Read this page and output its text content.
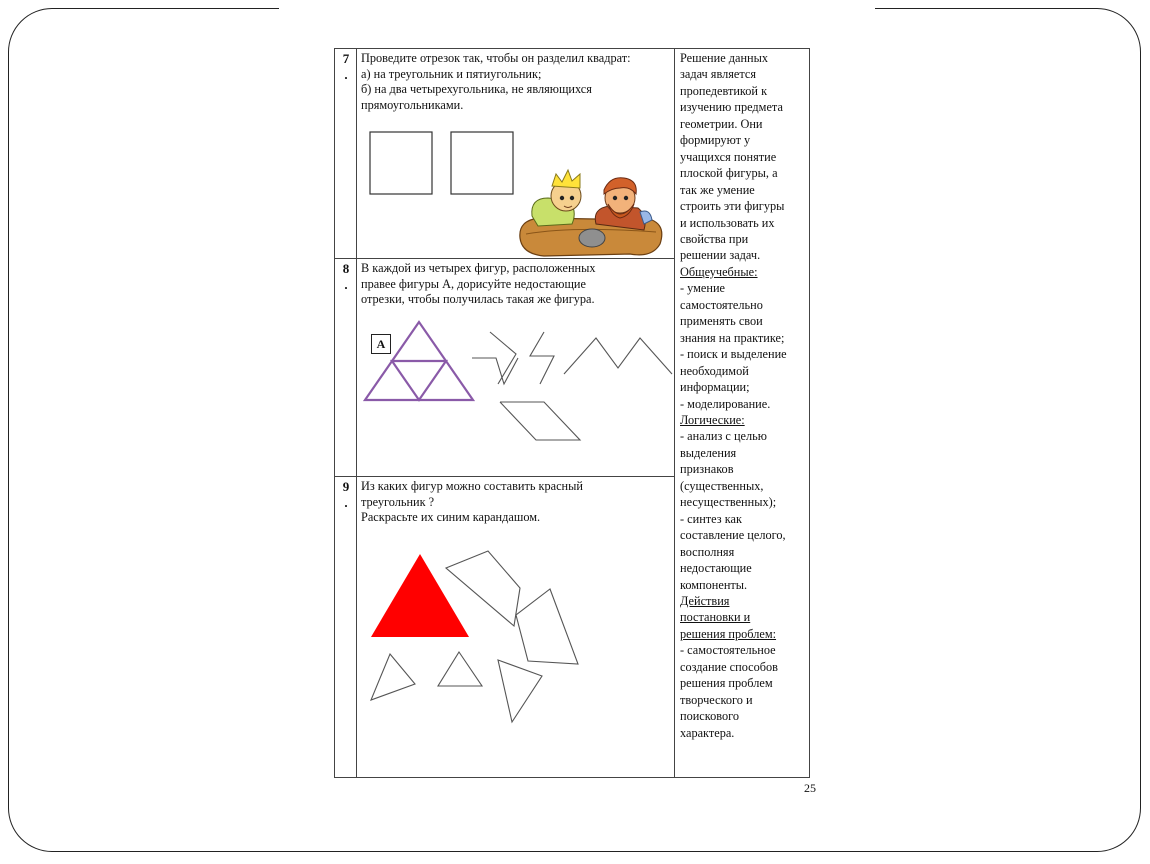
7
.
Проведите отрезок так, чтобы он разделил квадрат:
а) на треугольник и пятиугольник;
б) на два четырехугольника, не являющихся
прямоугольниками.
8
.
В каждой из четырех фигур, расположенных
правее фигуры А, дорисуйте недостающие
отрезки, чтобы получилась такая же фигура.
А
9
.
Из каких фигур можно составить красный
треугольник ?
Раскрасьте их синим карандашом.
Решение данных
задач является
пропедевтикой к
изучению предмета
геометрии. Они
формируют у
учащихся понятие
плоской фигуры, а
так же умение
строить эти фигуры
и использовать их
свойства при
решении задач.
Общеучебные:
- умение
самостоятельно
применять свои
знания на практике;
- поиск и выделение
необходимой
информации;
- моделирование.
Логические:
- анализ с целью
выделения
признаков
(существенных,
несущественных);
- синтез как
составление целого,
восполняя
недостающие
компоненты.
Действия
постановки и
решения проблем:
- самостоятельное
создание способов
решения проблем
творческого и
поискового
характера.
25
